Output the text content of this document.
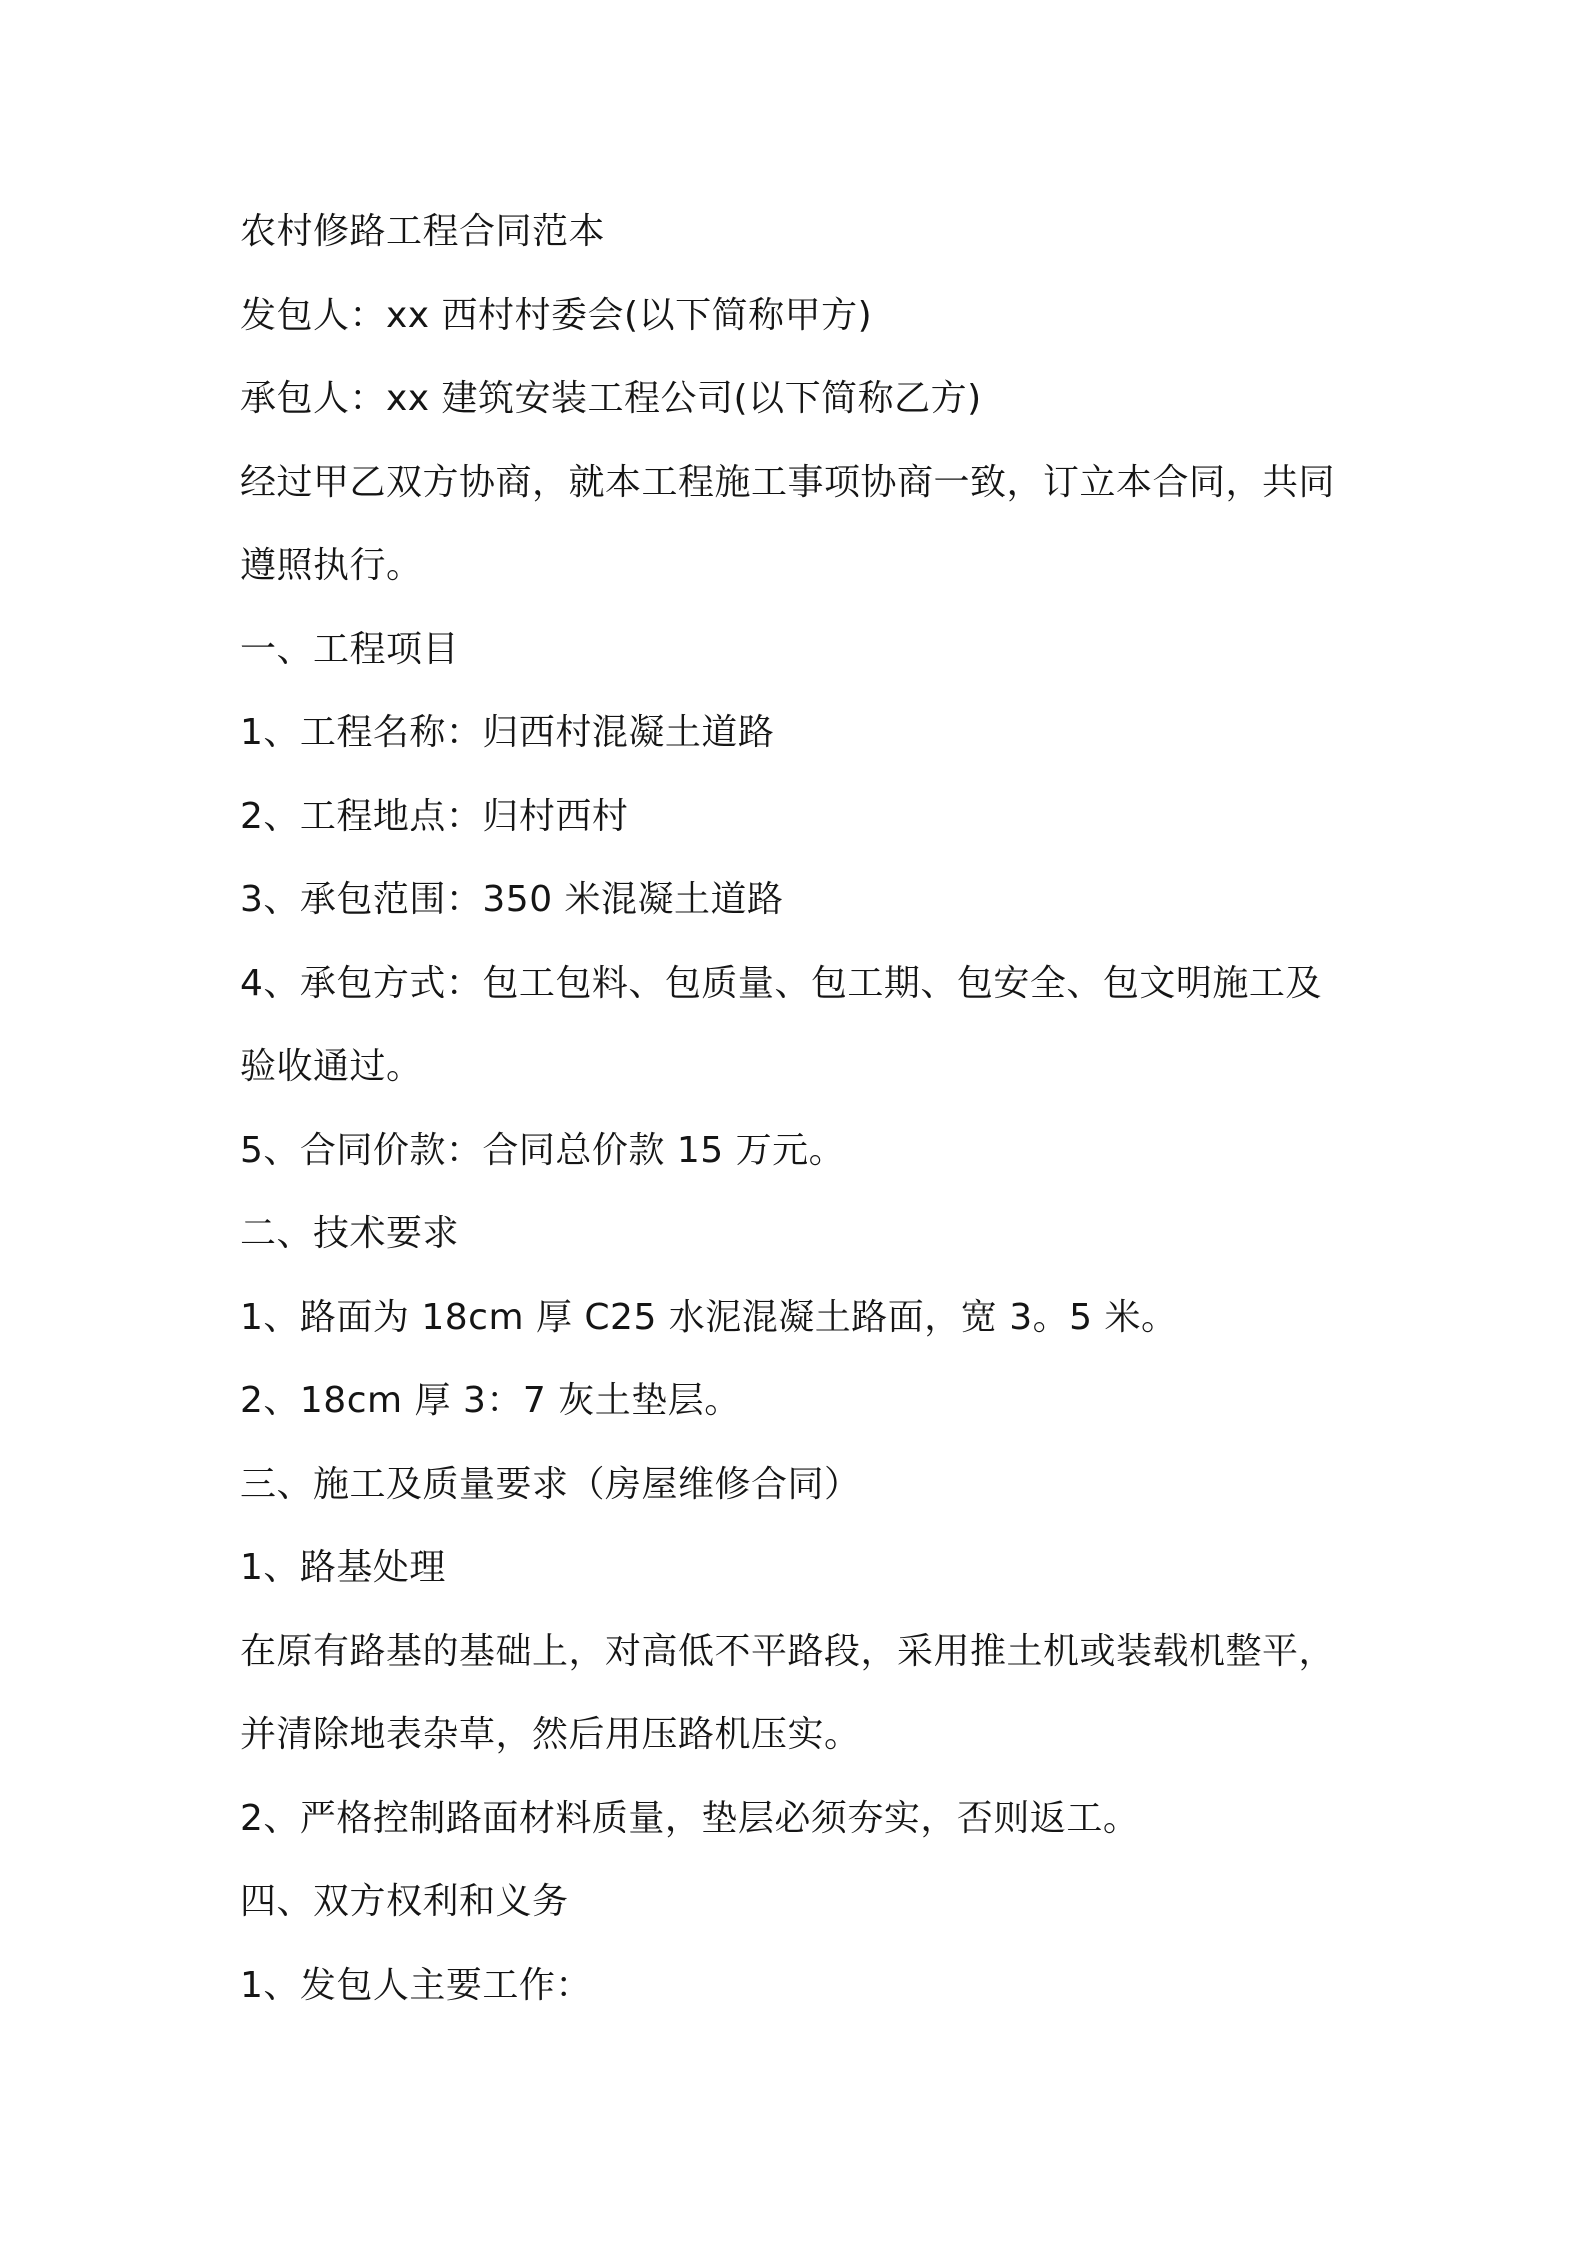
农村修路工程合同范本
发包人：xx 西村村委会(以下简称甲方)
承包人：xx 建筑安装工程公司(以下简称乙方)
经过甲乙双方协商，就本工程施工事项协商一致，订立本合同，共同
遵照执行。
一、工程项目
1、工程名称：归西村混凝土道路
2、工程地点：归村西村
3、承包范围：350 米混凝土道路
4、承包方式：包工包料、包质量、包工期、包安全、包文明施工及
验收通过。
5、合同价款：合同总价款 15 万元。
二、技术要求
1、路面为 18cm 厚 C25 水泥混凝土路面，宽 3。5 米。
2、18cm 厚 3：7 灰土垫层。
三、施工及质量要求（房屋维修合同）
1、路基处理
在原有路基的基础上，对高低不平路段，采用推土机或装载机整平，
并清除地表杂草，然后用压路机压实。
2、严格控制路面材料质量，垫层必须夯实，否则返工。
四、双方权利和义务
1、发包人主要工作：
